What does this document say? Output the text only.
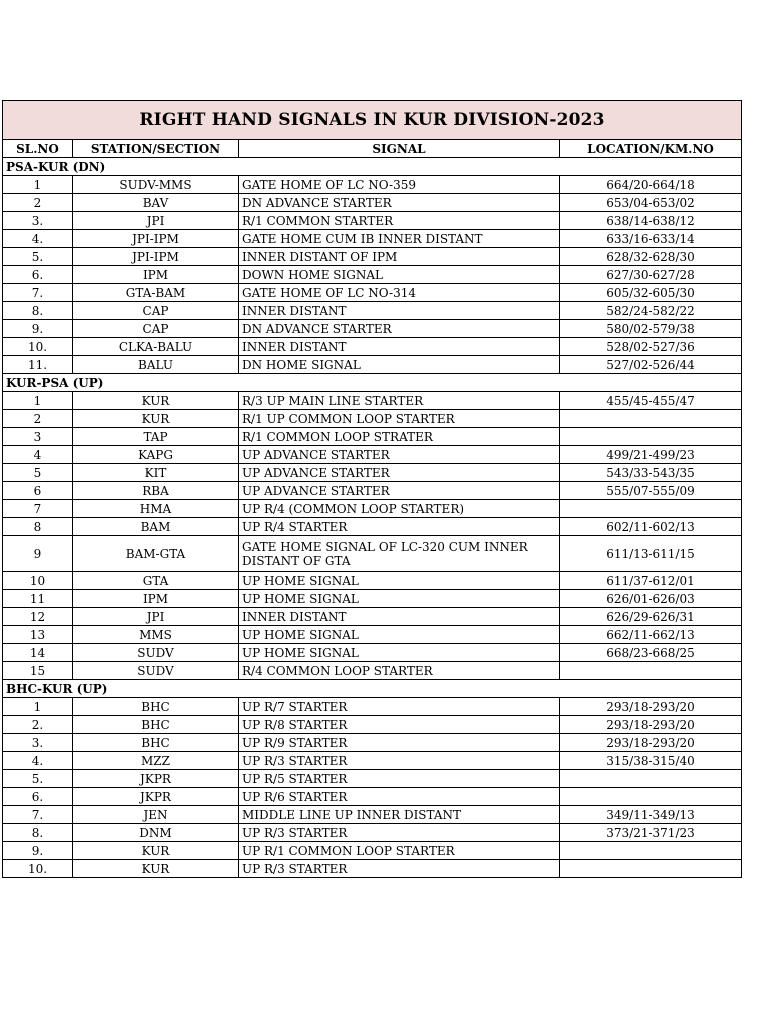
RIGHT HAND SIGNALS IN KUR DIVISION-2023			
SL.NO	STATION/SECTION	SIGNAL	LOCATION/KM.NO
PSA-KUR (DN)			
1	SUDV-MMS	GATE HOME OF LC NO-359	664/20-664/18
2	BAV	DN ADVANCE STARTER	653/04-653/02
3.	JPI	R/1 COMMON STARTER	638/14-638/12
4.	JPI-IPM	GATE HOME CUM IB INNER DISTANT	633/16-633/14
5.	JPI-IPM	INNER DISTANT OF IPM	628/32-628/30
6.	IPM	DOWN HOME SIGNAL	627/30-627/28
7.	GTA-BAM	GATE HOME OF LC NO-314	605/32-605/30
8.	CAP	INNER DISTANT	582/24-582/22
9.	CAP	DN ADVANCE STARTER	580/02-579/38
10.	CLKA-BALU	INNER DISTANT	528/02-527/36
11.	BALU	DN HOME SIGNAL	527/02-526/44
KUR-PSA (UP)			
1	KUR	R/3 UP MAIN LINE STARTER	455/45-455/47
2	KUR	R/1 UP COMMON LOOP STARTER	
3	TAP	R/1 COMMON LOOP STRATER	
4	KAPG	UP ADVANCE STARTER	499/21-499/23
5	KIT	UP ADVANCE STARTER	543/33-543/35
6	RBA	UP ADVANCE STARTER	555/07-555/09
7	HMA	UP R/4 (COMMON LOOP STARTER)	
8	BAM	UP R/4 STARTER	602/11-602/13
9	BAM-GTA	GATE HOME SIGNAL OF LC-320 CUM INNER DISTANT OF GTA	611/13-611/15
10	GTA	UP HOME SIGNAL	611/37-612/01
11	IPM	UP HOME SIGNAL	626/01-626/03
12	JPI	INNER DISTANT	626/29-626/31
13	MMS	UP HOME SIGNAL	662/11-662/13
14	SUDV	UP HOME SIGNAL	668/23-668/25
15	SUDV	R/4 COMMON LOOP STARTER	
BHC-KUR (UP)			
1	BHC	UP R/7 STARTER	293/18-293/20
2.	BHC	UP R/8 STARTER	293/18-293/20
3.	BHC	UP R/9 STARTER	293/18-293/20
4.	MZZ	UP R/3 STARTER	315/38-315/40
5.	JKPR	UP R/5 STARTER	
6.	JKPR	UP R/6 STARTER	
7.	JEN	MIDDLE LINE UP INNER DISTANT	349/11-349/13
8.	DNM	UP R/3 STARTER	373/21-371/23
9.	KUR	UP R/1 COMMON LOOP STARTER	
10.	KUR	UP R/3 STARTER	
